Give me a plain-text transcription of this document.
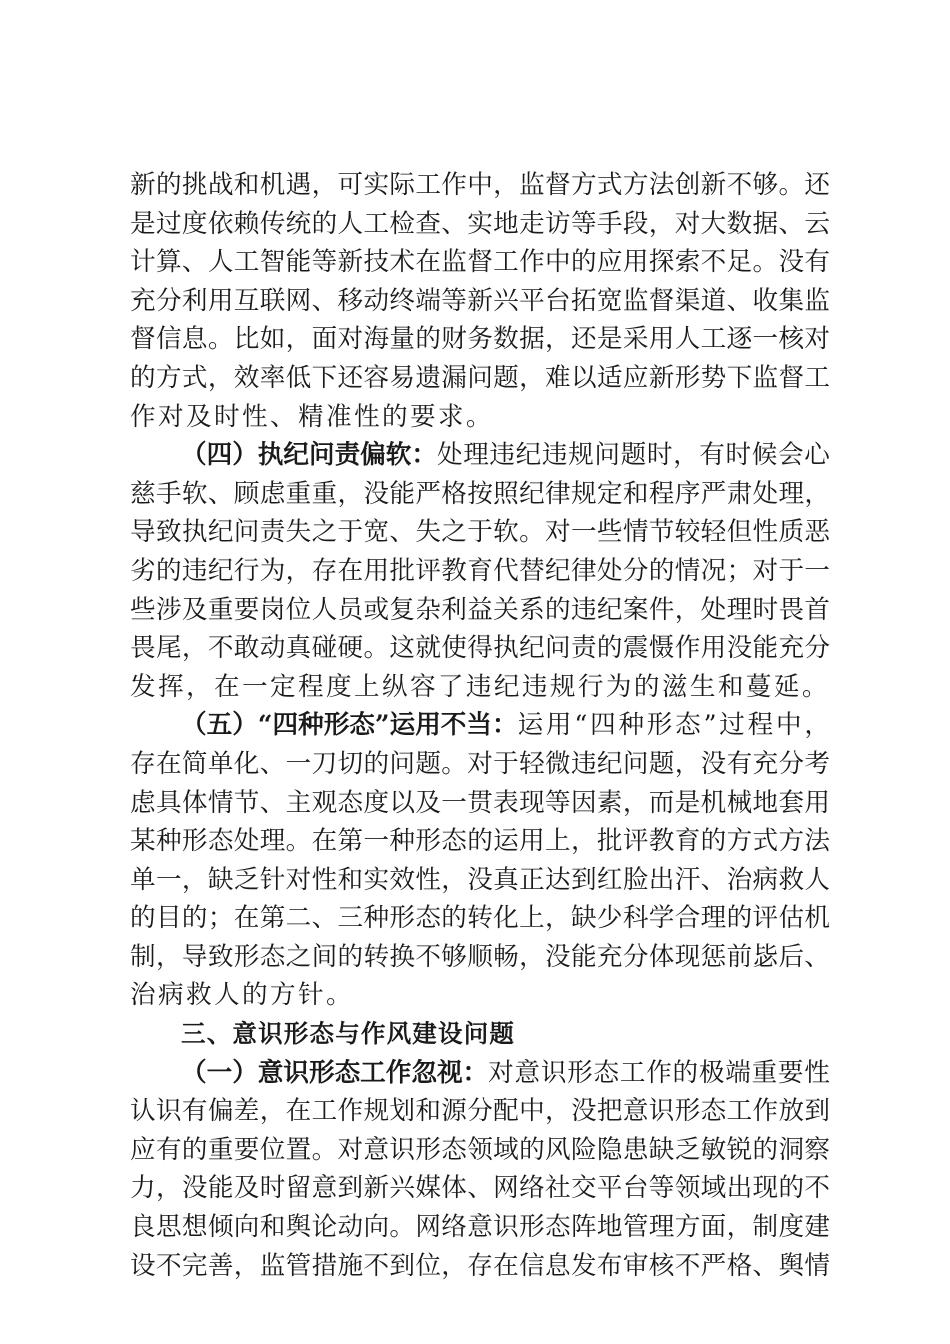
新 的 挑 战 和 机 遇 ， 可 实 际 工 作 中 ， 监 督 方 式 方 法 创 新 不 够 。 还
是 过 度 依 赖 传 统 的 人 工 检 查 、 实 地 走 访 等 手 段 ， 对 大 数 据 、 云
计 算 、 人 工 智 能 等 新 技 术 在 监 督 工 作 中 的 应 用 探 索 不 足 。 没 有
充 分 利 用 互 联 网 、 移 动 终 端 等 新 兴 平 台 拓 宽 监 督 渠 道 、 收 集 监
督 信 息 。 比 如 ， 面 对 海 量 的 财 务 数 据 ， 还 是 采 用 人 工 逐 一 核 对
的 方 式 ， 效 率 低 下 还 容 易 遗 漏 问 题 ， 难 以 适 应 新 形 势 下 监 督 工
作对及时性、精准性的要求。
（四）执纪问责偏软： 处 理 违 纪 违 规 问 题 时 ， 有 时 候 会 心
慈 手 软 、 顾 虑 重 重 ， 没 能 严 格 按 照 纪 律 规 定 和 程 序 严 肃 处 理 ，
导 致 执 纪 问 责 失 之 于 宽 、 失 之 于 软 。 对 一 些 情 节 较 轻 但 性 质 恶
劣 的 违 纪 行 为 ， 存 在 用 批 评 教 育 代 替 纪 律 处 分 的 情 况 ； 对 于 一
些 涉 及 重 要 岗 位 人 员 或 复 杂 利 益 关 系 的 违 纪 案 件 ， 处 理 时 畏 首
畏 尾 ， 不 敢 动 真 碰 硬 。 这 就 使 得 执 纪 问 责 的 震 慑 作 用 没 能 充 分
发挥，在一定程度上纵容了违纪违规行为的滋生和蔓延。
（五）“四种形态”运用不当： 运 用 “ 四 种 形 态 ” 过 程 中 ，
存 在 简 单 化 、 一 刀 切 的 问 题 。 对 于 轻 微 违 纪 问 题 ， 没 有 充 分 考
虑 具 体 情 节 、 主 观 态 度 以 及 一 贯 表 现 等 因 素 ， 而 是 机 械 地 套 用
某 种 形 态 处 理 。 在 第 一 种 形 态 的 运 用 上 ， 批 评 教 育 的 方 式 方 法
单 一 ， 缺 乏 针 对 性 和 实 效 性 ， 没 真 正 达 到 红 脸 出 汗 、 治 病 救 人
的 目 的 ； 在 第 二 、 三 种 形 态 的 转 化 上 ， 缺 少 科 学 合 理 的 评 估 机
制 ， 导 致 形 态 之 间 的 转 换 不 够 顺 畅 ， 没 能 充 分 体 现 惩 前 毖 后 、
治病救人的方针。
三、意识形态与作风建设问题
（一）意识形态工作忽视： 对 意 识 形 态 工 作 的 极 端 重 要 性
认 识 有 偏 差 ， 在 工 作 规 划 和 源 分 配 中 ， 没 把 意 识 形 态 工 作 放 到
应 有 的 重 要 位 置 。 对 意 识 形 态 领 域 的 风 险 隐 患 缺 乏 敏 锐 的 洞 察
力 ， 没 能 及 时 留 意 到 新 兴 媒 体 、 网 络 社 交 平 台 等 领 域 出 现 的 不
良 思 想 倾 向 和 舆 论 动 向 。 网 络 意 识 形 态 阵 地 管 理 方 面 ， 制 度 建
设 不 完 善 ， 监 管 措 施 不 到 位 ， 存 在 信 息 发 布 审 核 不 严 格 、 舆 情
